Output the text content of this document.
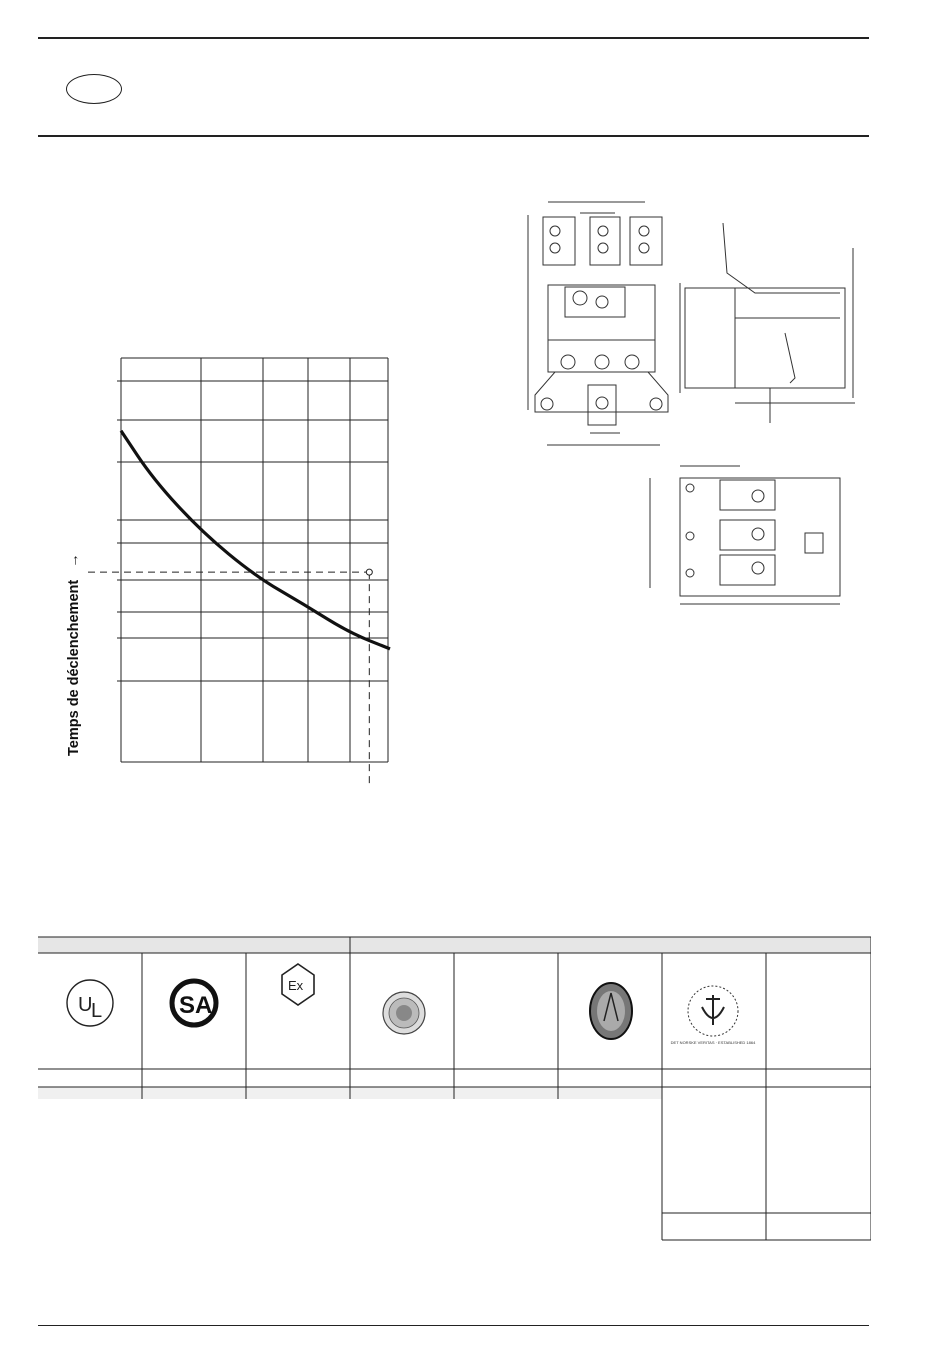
Temps de déclenchement →
U
L	SA
Ex
DET NORSKE VERITAS · ESTABLISHED 1864
